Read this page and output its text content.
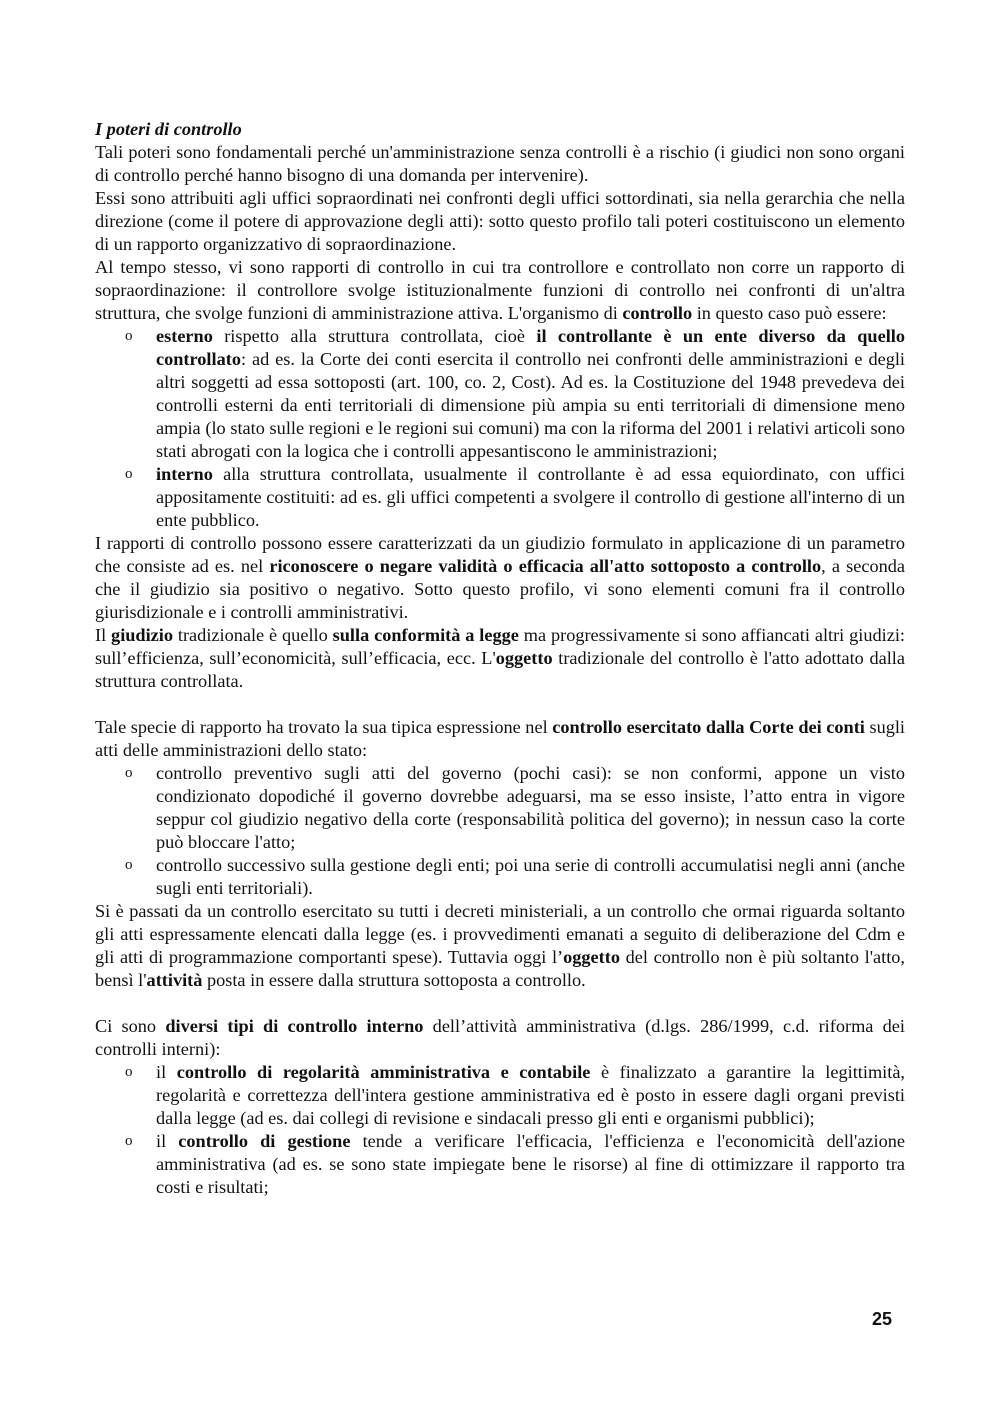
I poteri di controllo

Tali poteri sono fondamentali perché un'amministrazione senza controlli è a rischio (i giudici non sono organi di controllo perché hanno bisogno di una domanda per intervenire).

Essi sono attribuiti agli uffici sopraordinati nei confronti degli uffici sottordinati, sia nella gerarchia che nella direzione (come il potere di approvazione degli atti): sotto questo profilo tali poteri costituiscono un elemento di un rapporto organizzativo di sopraordinazione.

Al tempo stesso, vi sono rapporti di controllo in cui tra controllore e controllato non corre un rapporto di sopraordinazione: il controllore svolge istituzionalmente funzioni di controllo nei confronti di un'altra struttura, che svolge funzioni di amministrazione attiva. L'organismo di controllo in questo caso può essere:

o esterno rispetto alla struttura controllata, cioè il controllante è un ente diverso da quello controllato: ad es. la Corte dei conti esercita il controllo nei confronti delle amministrazioni e degli altri soggetti ad essa sottoposti (art. 100, co. 2, Cost). Ad es. la Costituzione del 1948 prevedeva dei controlli esterni da enti territoriali di dimensione più ampia su enti territoriali di dimensione meno ampia (lo stato sulle regioni e le regioni sui comuni) ma con la riforma del 2001 i relativi articoli sono stati abrogati con la logica che i controlli appesantiscono le amministrazioni;
o interno alla struttura controllata, usualmente il controllante è ad essa equiordinato, con uffici appositamente costituiti: ad es. gli uffici competenti a svolgere il controllo di gestione all'interno di un ente pubblico.

I rapporti di controllo possono essere caratterizzati da un giudizio formulato in applicazione di un parametro che consiste ad es. nel riconoscere o negare validità o efficacia all'atto sottoposto a controllo, a seconda che il giudizio sia positivo o negativo. Sotto questo profilo, vi sono elementi comuni fra il controllo giurisdizionale e i controlli amministrativi.

Il giudizio tradizionale è quello sulla conformità a legge ma progressivamente si sono affiancati altri giudizi: sull’efficienza, sull’economicità, sull’efficacia, ecc. L'oggetto tradizionale del controllo è l'atto adottato dalla struttura controllata.

Tale specie di rapporto ha trovato la sua tipica espressione nel controllo esercitato dalla Corte dei conti sugli atti delle amministrazioni dello stato:

o controllo preventivo sugli atti del governo (pochi casi): se non conformi, appone un visto condizionato dopodiché il governo dovrebbe adeguarsi, ma se esso insiste, l’atto entra in vigore seppur col giudizio negativo della corte (responsabilità politica del governo); in nessun caso la corte può bloccare l'atto;
o controllo successivo sulla gestione degli enti; poi una serie di controlli accumulatisi negli anni (anche sugli enti territoriali).

Si è passati da un controllo esercitato su tutti i decreti ministeriali, a un controllo che ormai riguarda soltanto gli atti espressamente elencati dalla legge (es. i provvedimenti emanati a seguito di deliberazione del Cdm e gli atti di programmazione comportanti spese). Tuttavia oggi l’oggetto del controllo non è più soltanto l'atto, bensì l'attività posta in essere dalla struttura sottoposta a controllo.

Ci sono diversi tipi di controllo interno dell’attività amministrativa (d.lgs. 286/1999, c.d. riforma dei controlli interni):

o il controllo di regolarità amministrativa e contabile è finalizzato a garantire la legittimità, regolarità e correttezza dell'intera gestione amministrativa ed è posto in essere dagli organi previsti dalla legge (ad es. dai collegi di revisione e sindacali presso gli enti e organismi pubblici);
o il controllo di gestione tende a verificare l'efficacia, l'efficienza e l'economicità dell'azione amministrativa (ad es. se sono state impiegate bene le risorse) al fine di ottimizzare il rapporto tra costi e risultati;
25
